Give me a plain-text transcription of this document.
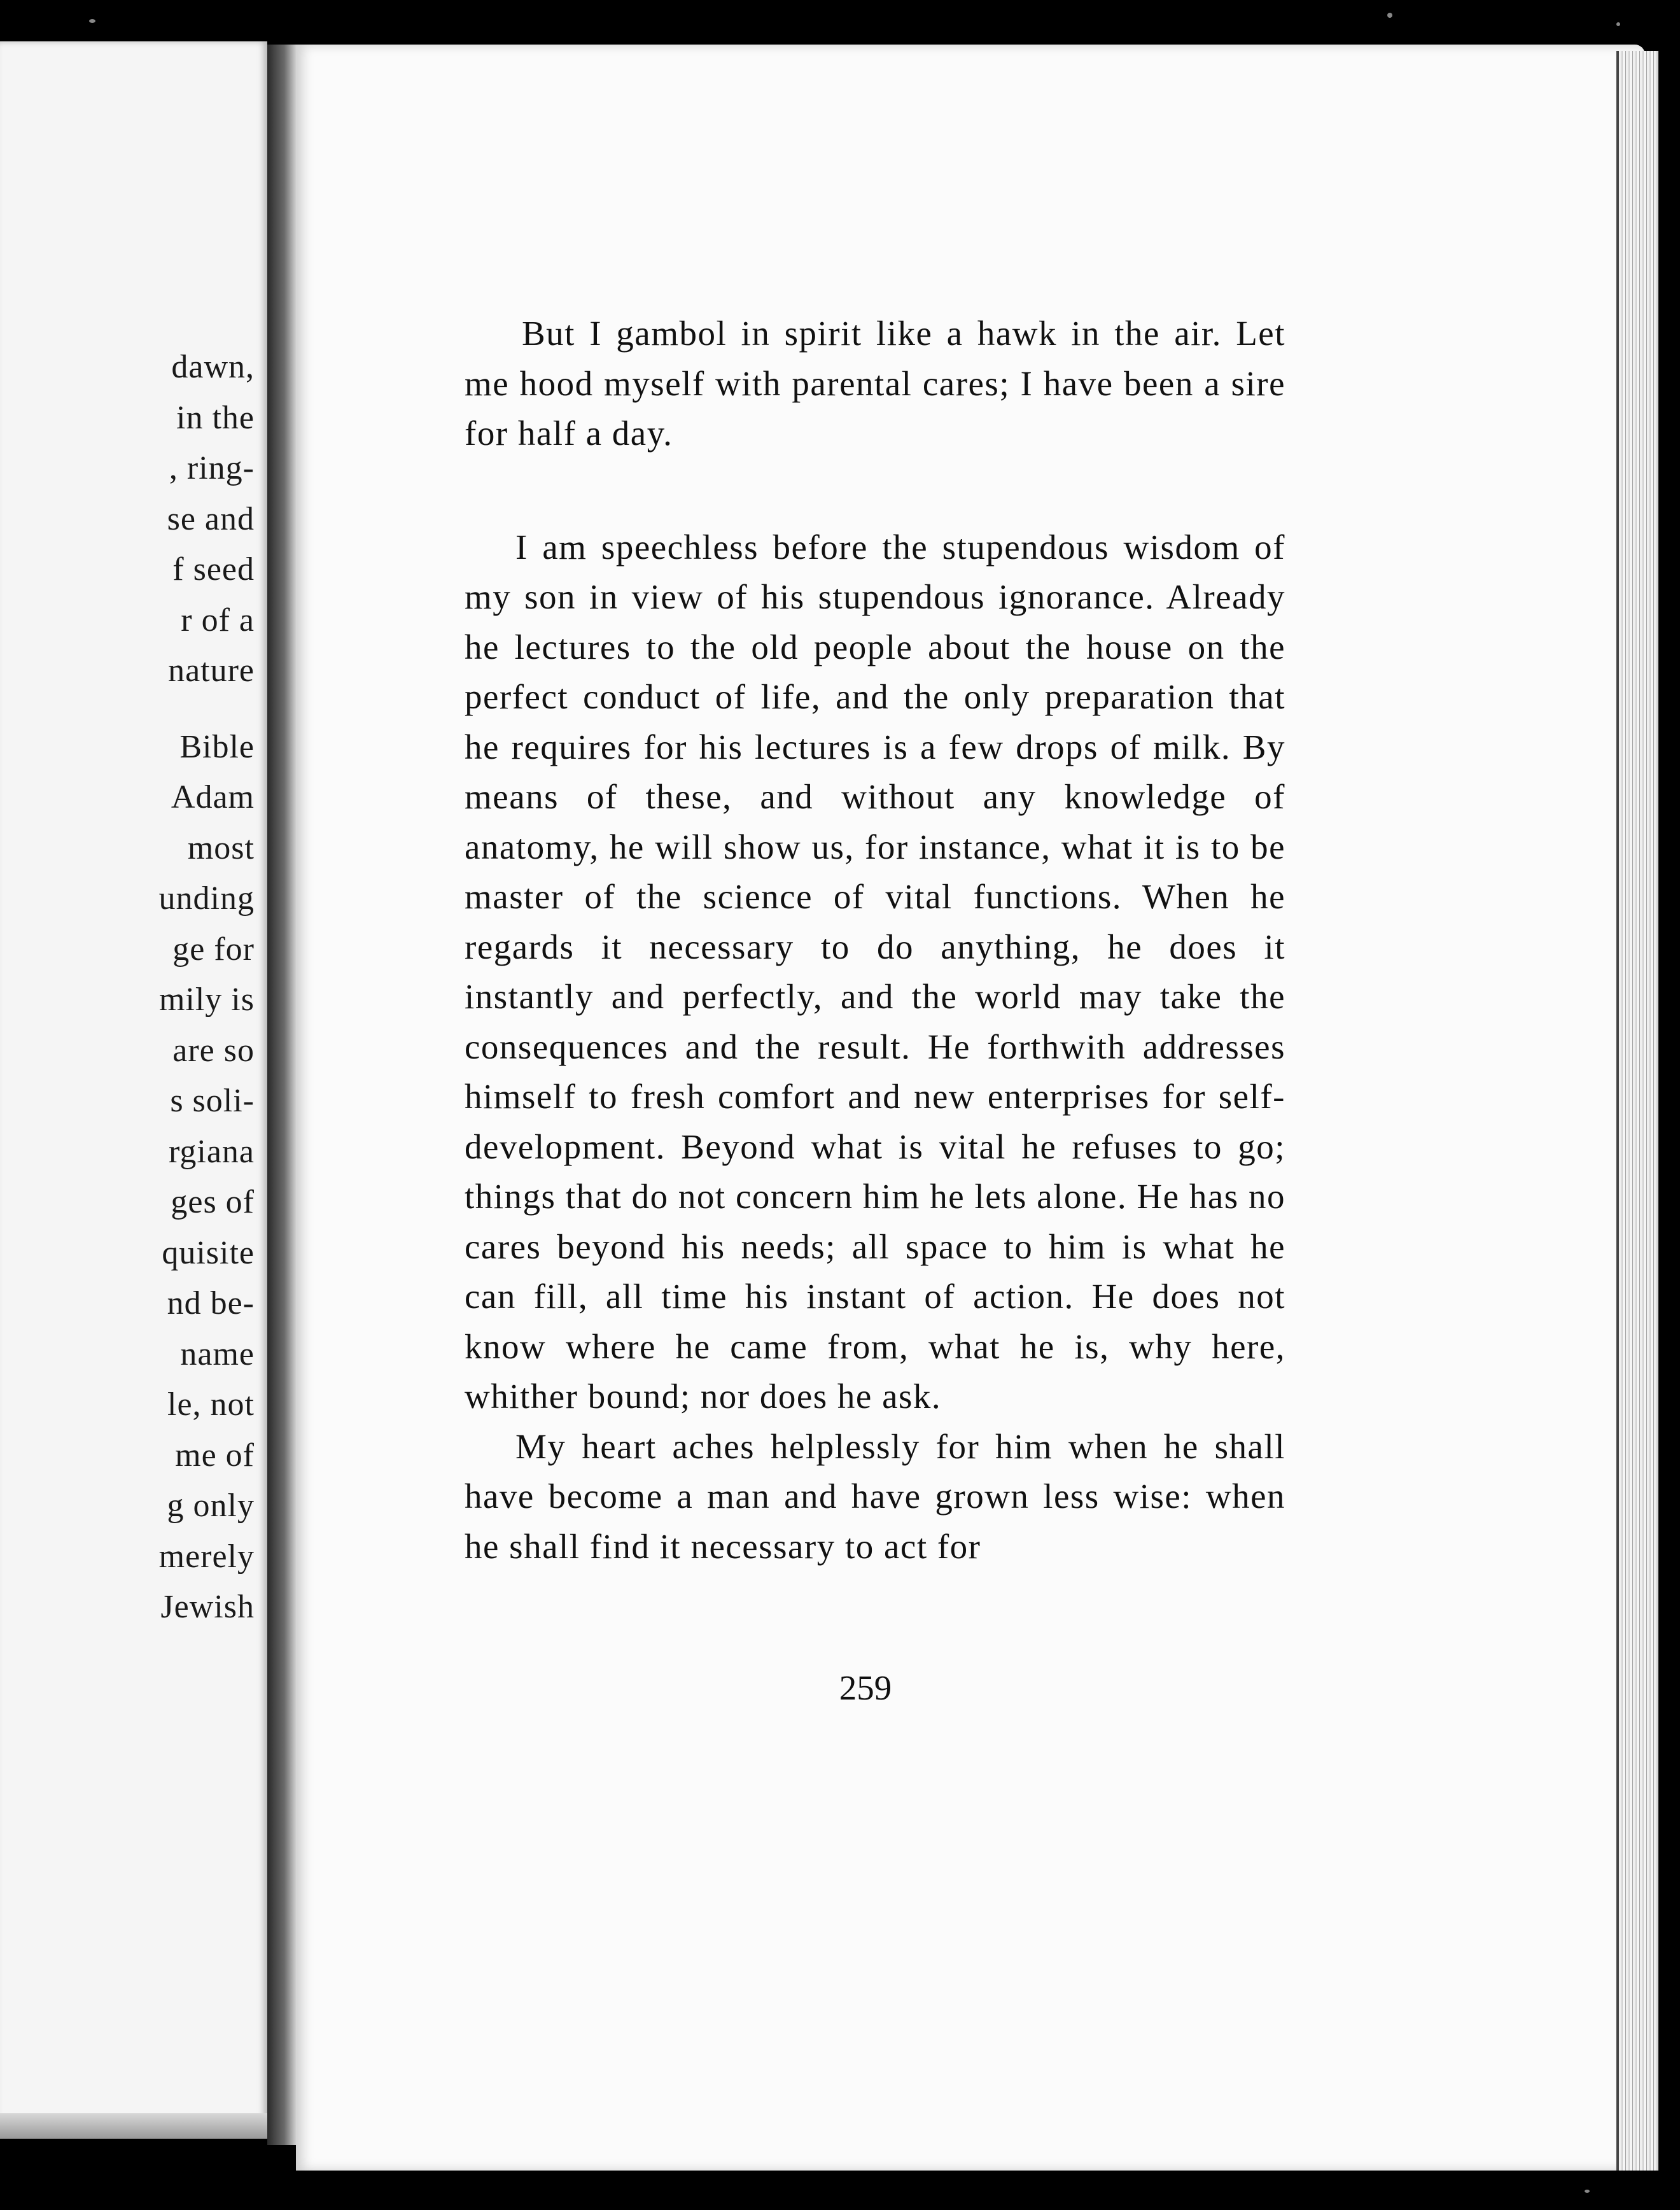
dawn,
in the
, ring-
se and
f seed
r of a
nature
Bible
Adam
most
unding
ge for
mily is
are so
s soli-
rgiana
ges of
quisite
nd be-
name
le, not
me of
g only
merely
Jewish

But I gambol in spirit like a hawk in the air. Let me hood myself with parental cares; I have been a sire for half a day.

I am speechless before the stupendous wisdom of my son in view of his stupendous ignorance. Already he lectures to the old people about the house on the perfect conduct of life, and the only preparation that he requires for his lectures is a few drops of milk. By means of these, and without any knowledge of anatomy, he will show us, for instance, what it is to be master of the science of vital functions. When he regards it necessary to do anything, he does it instantly and perfectly, and the world may take the consequences and the result. He forthwith addresses himself to fresh comfort and new enterprises for self-development. Beyond what is vital he refuses to go; things that do not concern him he lets alone. He has no cares beyond his needs; all space to him is what he can fill, all time his instant of action. He does not know where he came from, what he is, why here, whither bound; nor does he ask.

My heart aches helplessly for him when he shall have become a man and have grown less wise: when he shall find it necessary to act for

259
